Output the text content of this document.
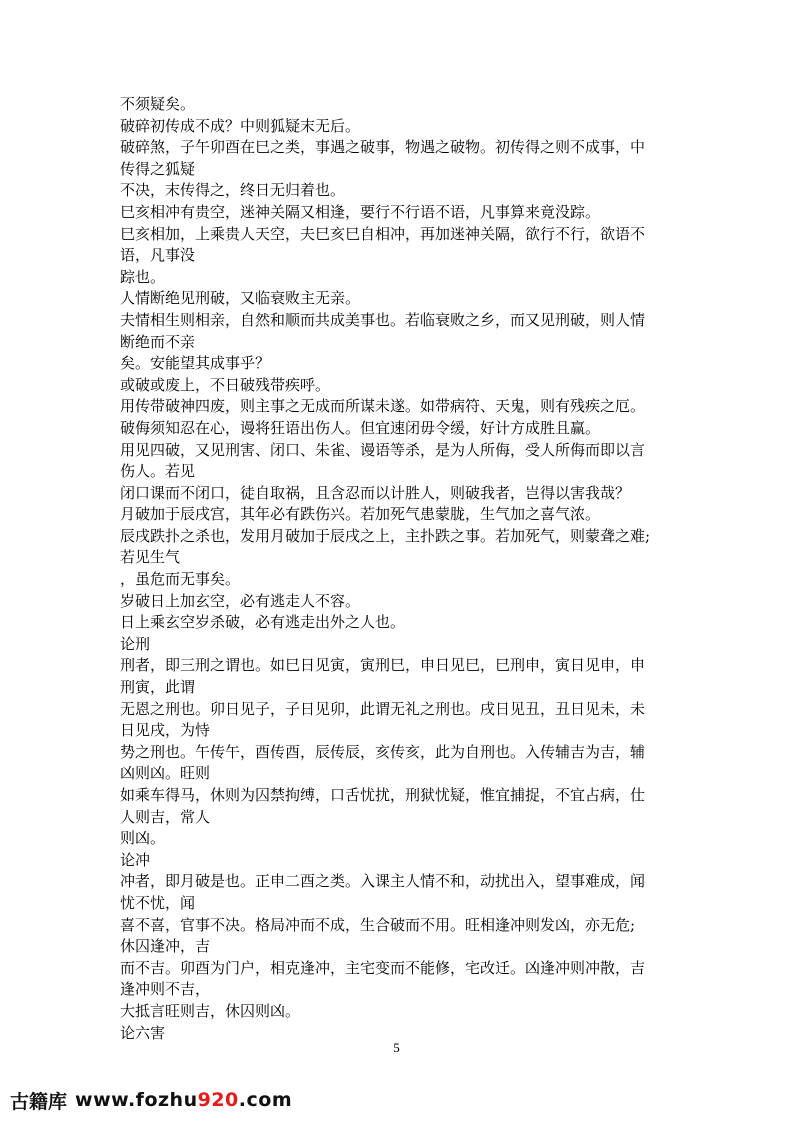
不须疑矣。

破碎初传成不成？中则狐疑末无后。

破碎煞，子午卯酉在巳之类，事遇之破事，物遇之破物。初传得之则不成事，中

传得之狐疑

不决，末传得之，终日无归着也。

巳亥相冲有贵空，迷神关隔又相逢，要行不行语不语，凡事算来竟没踪。

巳亥相加，上乘贵人天空，夫巳亥巳自相冲，再加迷神关隔，欲行不行，欲语不

语，凡事没

踪也。

人情断绝见刑破，又临衰败主无亲。

夫情相生则相亲，自然和顺而共成美事也。若临衰败之乡，而又见刑破，则人情

断绝而不亲

矣。安能望其成事乎？

或破或废上，不日破残带疾呼。

用传带破神四废，则主事之无成而所谋未遂。如带病符、天鬼，则有残疾之厄。

破侮须知忍在心，谩将狂语出伤人。但宜速闭毋令缓，好计方成胜且赢。

用见四破，又见刑害、闭口、朱雀、谩语等杀，是为人所侮，受人所侮而即以言

伤人。若见

闭口课而不闭口，徒自取祸，且含忍而以计胜人，则破我者，岂得以害我哉？

月破加于辰戌宫，其年必有跌伤兴。若加死气患蒙胧，生气加之喜气浓。

辰戌跌扑之杀也，发用月破加于辰戌之上，主扑跌之事。若加死气，则蒙聋之难;

若见生气

，虽危而无事矣。

岁破日上加玄空，必有逃走人不容。

日上乘玄空岁杀破，必有逃走出外之人也。

论刑

刑者，即三刑之谓也。如巳日见寅，寅刑巳，申日见巳，巳刑申，寅日见申，申

刑寅，此谓

无恩之刑也。卯日见子，子日见卯，此谓无礼之刑也。戌日见丑，丑日见未，未

日见戌，为恃

势之刑也。午传午，酉传酉，辰传辰，亥传亥，此为自刑也。入传辅吉为吉，辅

凶则凶。旺则

如乘车得马，休则为囚禁拘缚，口舌忧扰，刑狱忧疑，惟宜捕捉，不宜占病，仕

人则吉，常人

则凶。

论冲

冲者，即月破是也。正申二酉之类。入课主人情不和，动扰出入，望事难成，闻

忧不忧，闻

喜不喜，官事不决。格局冲而不成，生合破而不用。旺相逢冲则发凶，亦无危;

休囚逢冲，吉

而不吉。卯酉为门户，相克逢冲，主宅变而不能修，宅改迁。凶逢冲则冲散，吉

逢冲则不吉，

大抵言旺则吉，休囚则凶。

论六害

5
古籍库 www.fozhu920.com
